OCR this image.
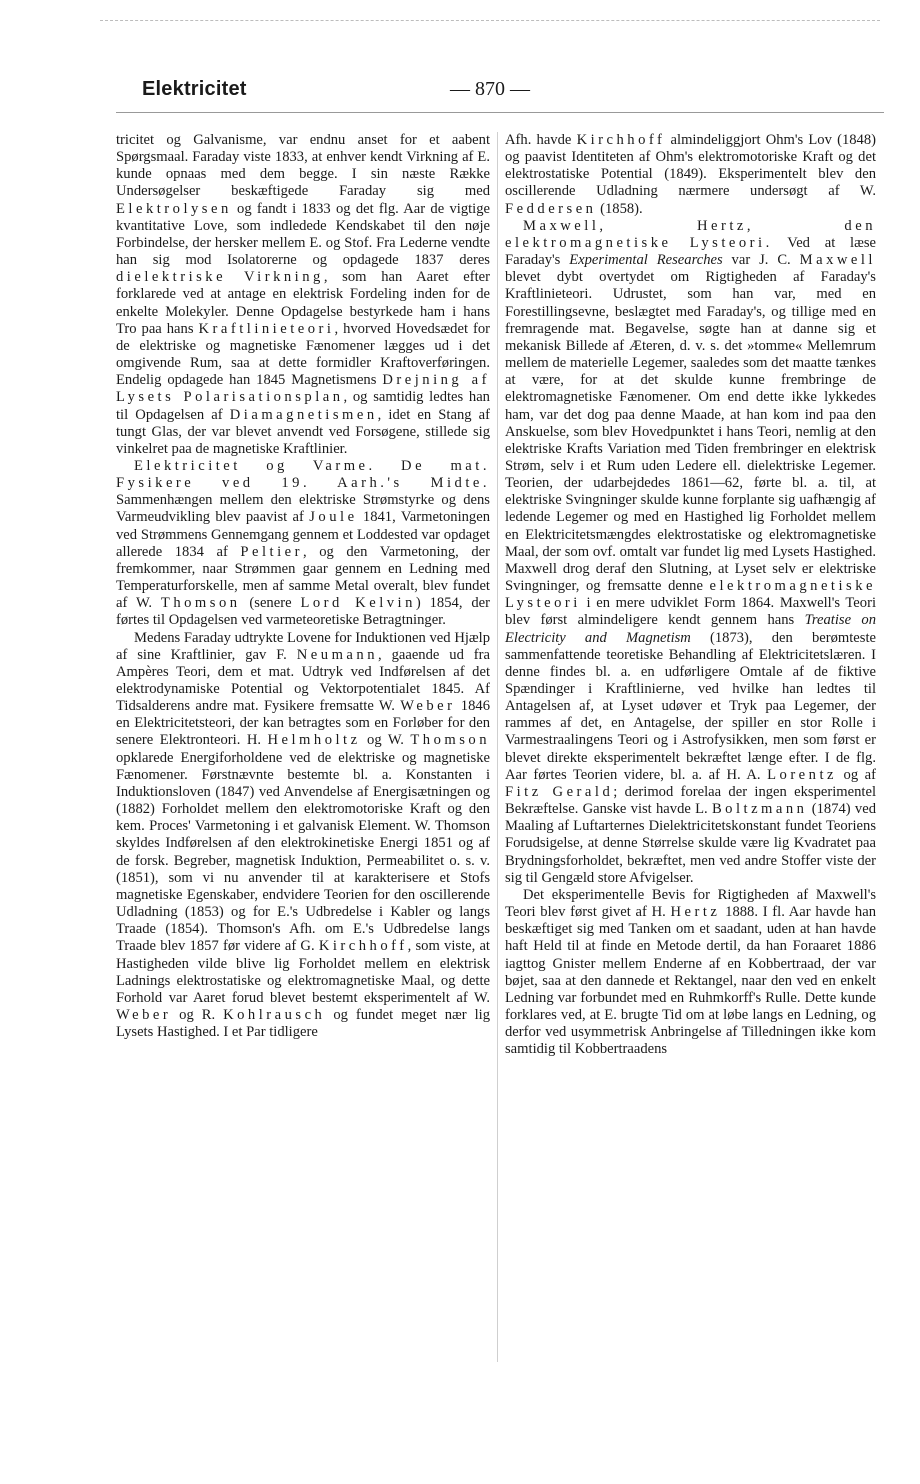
Elektricitet	— 870 —

tricitet og Galvanisme, var endnu anset for et aabent Spørgsmaal. Faraday viste 1833, at enhver kendt Virkning af E. kunde opnaas med dem begge. I sin næste Række Undersøgelser beskæftigede Faraday sig med Elektrolysen og fandt i 1833 og det flg. Aar de vigtige kvantitative Love, som indledede Kendskabet til den nøje Forbindelse, der hersker mellem E. og Stof. Fra Lederne vendte han sig mod Isolatorerne og opdagede 1837 deres dielektriske Virkning, som han Aaret efter forklarede ved at antage en elektrisk Fordeling inden for de enkelte Molekyler. Denne Opdagelse bestyrkede ham i hans Tro paa hans Kraftlinieteori, hvorved Hovedsædet for de elektriske og magnetiske Fænomener lægges ud i det omgivende Rum, saa at dette formidler Kraftoverføringen. Endelig opdagede han 1845 Magnetismens Drejning af Lysets Polarisationsplan, og samtidig ledtes han til Opdagelsen af Diamagnetismen, idet en Stang af tungt Glas, der var blevet anvendt ved Forsøgene, stillede sig vinkelret paa de magnetiske Kraftlinier.

Elektricitet og Varme. De mat. Fysikere ved 19. Aarh.'s Midte. Sammenhængen mellem den elektriske Strømstyrke og dens Varmeudvikling blev paavist af Joule 1841, Varmetoningen ved Strømmens Gennemgang gennem et Loddested var opdaget allerede 1834 af Peltier, og den Varmetoning, der fremkommer, naar Strømmen gaar gennem en Ledning med Temperaturforskelle, men af samme Metal overalt, blev fundet af W. Thomson (senere Lord Kelvin) 1854, der førtes til Opdagelsen ved varmeteoretiske Betragtninger.

Medens Faraday udtrykte Lovene for Induktionen ved Hjælp af sine Kraftlinier, gav F. Neumann, gaaende ud fra Ampères Teori, dem et mat. Udtryk ved Indførelsen af det elektrodynamiske Potential og Vektorpotentialet 1845. Af Tidsalderens andre mat. Fysikere fremsatte W. Weber 1846 en Elektricitetsteori, der kan betragtes som en Forløber for den senere Elektronteori. H. Helmholtz og W. Thomson opklarede Energiforholdene ved de elektriske og magnetiske Fænomener. Førstnævnte bestemte bl. a. Konstanten i Induktionsloven (1847) ved Anvendelse af Energisætningen og (1882) Forholdet mellem den elektromotoriske Kraft og den kem. Proces' Varmetoning i et galvanisk Element. W. Thomson skyldes Indførelsen af den elektrokinetiske Energi 1851 og af de forsk. Begreber, magnetisk Induktion, Permeabilitet o. s. v. (1851), som vi nu anvender til at karakterisere et Stofs magnetiske Egenskaber, endvidere Teorien for den oscillerende Udladning (1853) og for E.'s Udbredelse i Kabler og langs Traade (1854). Thomson's Afh. om E.'s Udbredelse langs Traade blev 1857 før videre af G. Kirchhoff, som viste, at Hastigheden vilde blive lig Forholdet mellem en elektrisk Ladnings elektrostatiske og elektromagnetiske Maal, og dette Forhold var Aaret forud blevet bestemt eksperimentelt af W. Weber og R. Kohlrausch og fundet meget nær lig Lysets Hastighed. I et Par tidligere

Afh. havde Kirchhoff almindeliggjort Ohm's Lov (1848) og paavist Identiteten af Ohm's elektromotoriske Kraft og det elektrostatiske Potential (1849). Eksperimentelt blev den oscillerende Udladning nærmere undersøgt af W. Feddersen (1858).

Maxwell, Hertz, den elektromagnetiske Lysteori. Ved at læse Faraday's Experimental Researches var J. C. Maxwell blevet dybt overtydet om Rigtigheden af Faraday's Kraftlinieteori. Udrustet, som han var, med en Forestillingsevne, beslægtet med Faraday's, og tillige med en fremragende mat. Begavelse, søgte han at danne sig et mekanisk Billede af Æteren, d. v. s. det »tomme« Mellemrum mellem de materielle Legemer, saaledes som det maatte tænkes at være, for at det skulde kunne frembringe de elektromagnetiske Fænomener. Om end dette ikke lykkedes ham, var det dog paa denne Maade, at han kom ind paa den Anskuelse, som blev Hovedpunktet i hans Teori, nemlig at den elektriske Krafts Variation med Tiden frembringer en elektrisk Strøm, selv i et Rum uden Ledere ell. dielektriske Legemer. Teorien, der udarbejdedes 1861—62, førte bl. a. til, at elektriske Svingninger skulde kunne forplante sig uafhængig af ledende Legemer og med en Hastighed lig Forholdet mellem en Elektricitetsmængdes elektrostatiske og elektromagnetiske Maal, der som ovf. omtalt var fundet lig med Lysets Hastighed. Maxwell drog deraf den Slutning, at Lyset selv er elektriske Svingninger, og fremsatte denne elektromagnetiske Lysteori i en mere udviklet Form 1864. Maxwell's Teori blev først almindeligere kendt gennem hans Treatise on Electricity and Magnetism (1873), den berømteste sammenfattende teoretiske Behandling af Elektricitetslæren. I denne findes bl. a. en udførligere Omtale af de fiktive Spændinger i Kraftlinierne, ved hvilke han ledtes til Antagelsen af, at Lyset udøver et Tryk paa Legemer, der rammes af det, en Antagelse, der spiller en stor Rolle i Varmestraalingens Teori og i Astrofysikken, men som først er blevet direkte eksperimentelt bekræftet længe efter. I de flg. Aar førtes Teorien videre, bl. a. af H. A. Lorentz og af Fitz Gerald; derimod forelaa der ingen eksperimentel Bekræftelse. Ganske vist havde L. Boltzmann (1874) ved Maaling af Luftarternes Dielektricitetskonstant fundet Teoriens Forudsigelse, at denne Størrelse skulde være lig Kvadratet paa Brydningsforholdet, bekræftet, men ved andre Stoffer viste der sig til Gengæld store Afvigelser.

Det eksperimentelle Bevis for Rigtigheden af Maxwell's Teori blev først givet af H. Hertz 1888. I fl. Aar havde han beskæftiget sig med Tanken om et saadant, uden at han havde haft Held til at finde en Metode dertil, da han Foraaret 1886 iagttog Gnister mellem Enderne af en Kobbertraad, der var bøjet, saa at den dannede et Rektangel, naar den ved en enkelt Ledning var forbundet med en Ruhmkorff's Rulle. Dette kunde forklares ved, at E. brugte Tid om at løbe langs en Ledning, og derfor ved usymmetrisk Anbringelse af Tilledningen ikke kom samtidig til Kobbertraadens
